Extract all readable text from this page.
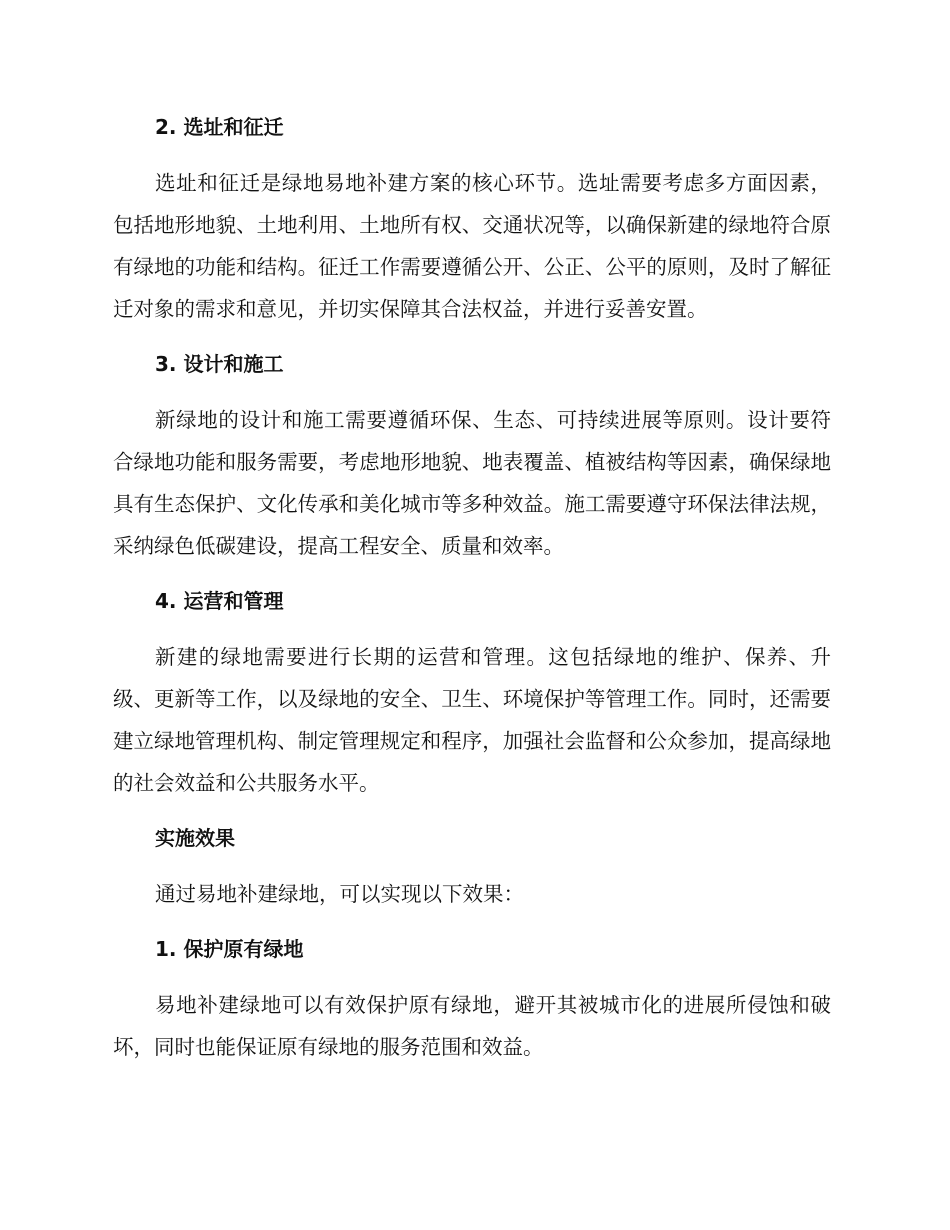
2. 选址和征迁

选址和征迁是绿地易地补建方案的核心环节。选址需要考虑多方面因素，包括地形地貌、土地利用、土地所有权、交通状况等，以确保新建的绿地符合原有绿地的功能和结构。征迁工作需要遵循公开、公正、公平的原则，及时了解征迁对象的需求和意见，并切实保障其合法权益，并进行妥善安置。

3. 设计和施工

新绿地的设计和施工需要遵循环保、生态、可持续进展等原则。设计要符合绿地功能和服务需要，考虑地形地貌、地表覆盖、植被结构等因素，确保绿地具有生态保护、文化传承和美化城市等多种效益。施工需要遵守环保法律法规，采纳绿色低碳建设，提高工程安全、质量和效率。

4. 运营和管理

新建的绿地需要进行长期的运营和管理。这包括绿地的维护、保养、升级、更新等工作，以及绿地的安全、卫生、环境保护等管理工作。同时，还需要建立绿地管理机构、制定管理规定和程序，加强社会监督和公众参加，提高绿地的社会效益和公共服务水平。

实施效果

通过易地补建绿地，可以实现以下效果：

1. 保护原有绿地

易地补建绿地可以有效保护原有绿地，避开其被城市化的进展所侵蚀和破坏，同时也能保证原有绿地的服务范围和效益。
